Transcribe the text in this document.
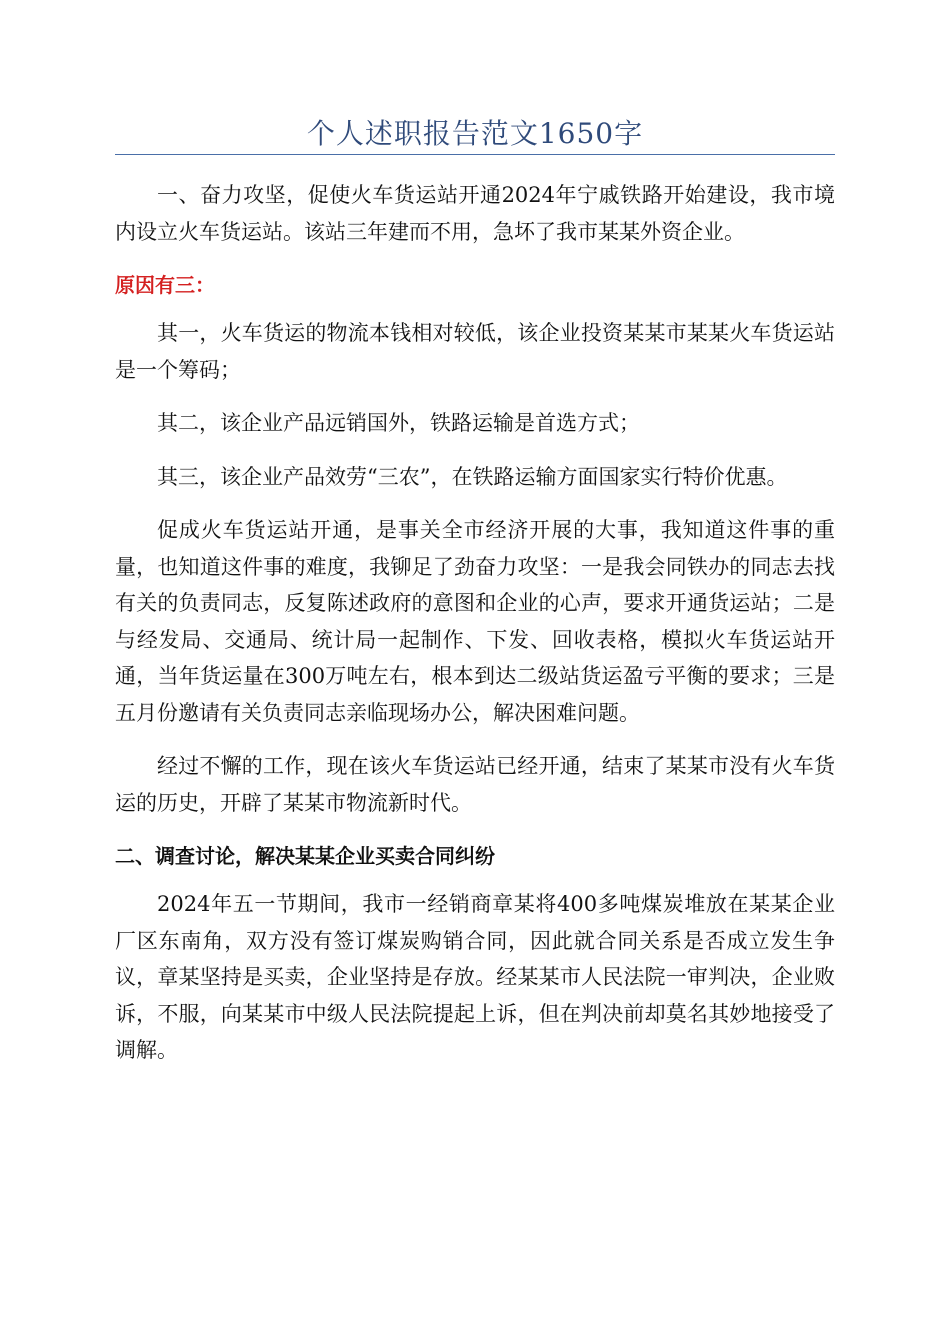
个人述职报告范文1650字

一、奋力攻坚，促使火车货运站开通2024年宁戚铁路开始建设，我市境内设立火车货运站。该站三年建而不用，急坏了我市某某外资企业。

原因有三：

其一，火车货运的物流本钱相对较低，该企业投资某某市某某火车货运站是一个筹码；

其二，该企业产品远销国外，铁路运输是首选方式；

其三，该企业产品效劳“三农”，在铁路运输方面国家实行特价优惠。

促成火车货运站开通，是事关全市经济开展的大事，我知道这件事的重量，也知道这件事的难度，我铆足了劲奋力攻坚：一是我会同铁办的同志去找有关的负责同志，反复陈述政府的意图和企业的心声，要求开通货运站；二是与经发局、交通局、统计局一起制作、下发、回收表格，模拟火车货运站开通，当年货运量在300万吨左右，根本到达二级站货运盈亏平衡的要求；三是五月份邀请有关负责同志亲临现场办公，解决困难问题。

经过不懈的工作，现在该火车货运站已经开通，结束了某某市没有火车货运的历史，开辟了某某市物流新时代。

二、调查讨论，解决某某企业买卖合同纠纷

2024年五一节期间，我市一经销商章某将400多吨煤炭堆放在某某企业厂区东南角，双方没有签订煤炭购销合同，因此就合同关系是否成立发生争议，章某坚持是买卖，企业坚持是存放。经某某市人民法院一审判决，企业败诉，不服，向某某市中级人民法院提起上诉，但在判决前却莫名其妙地接受了调解。
